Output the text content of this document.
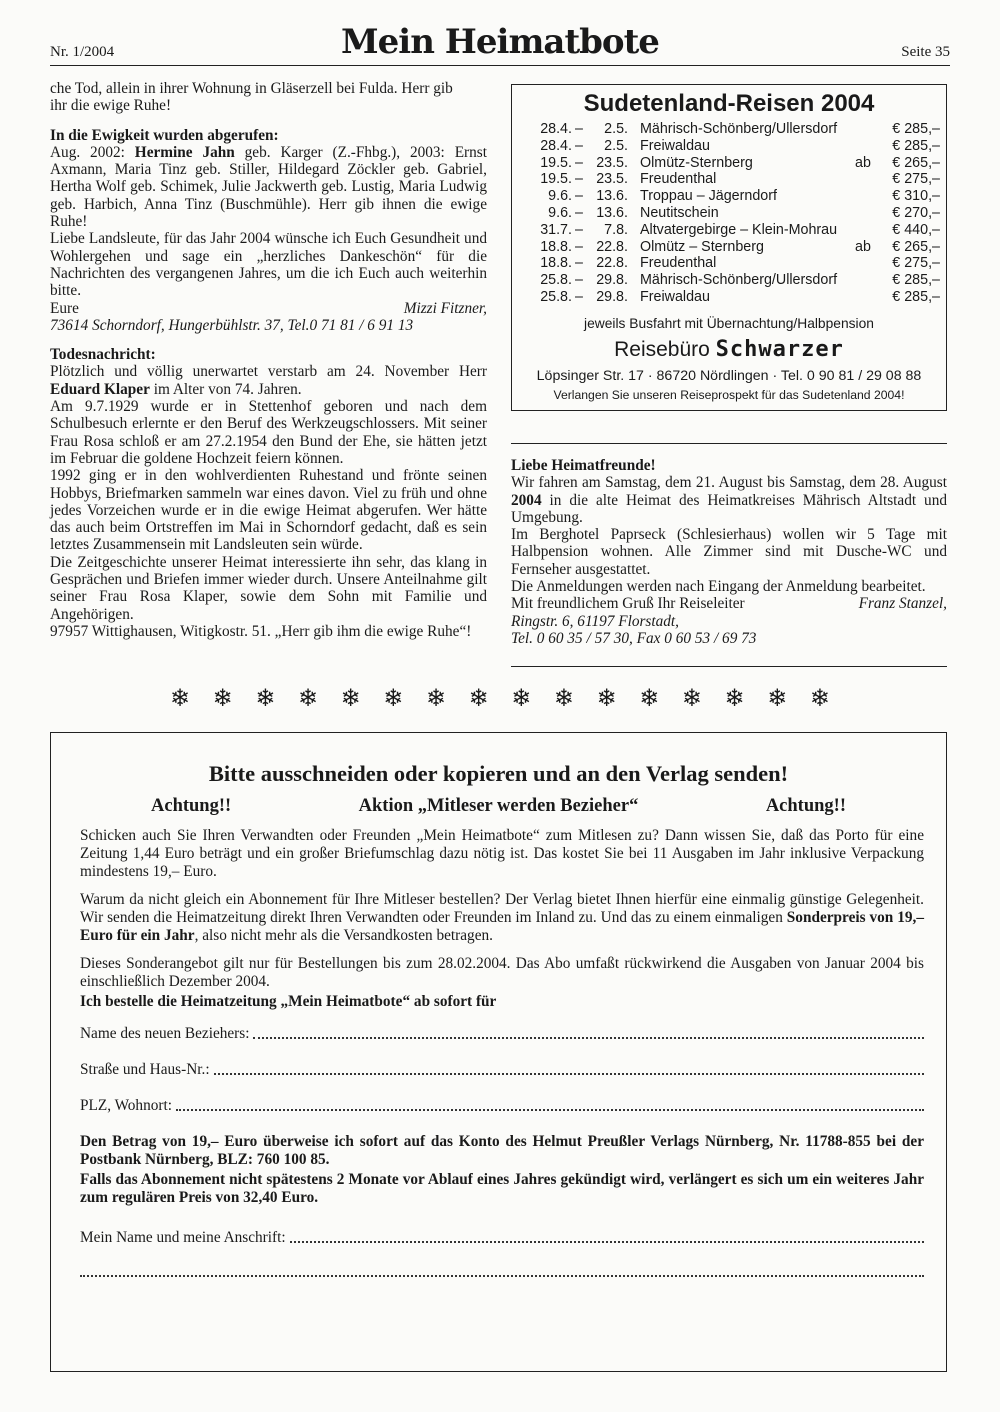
Nr. 1/2004	Mein Heimatbote	Seite 35

che Tod, allein in ihrer Wohnung in Gläserzell bei Fulda. Herr gib

ihr die ewige Ruhe!

In die Ewigkeit wurden abgerufen:

Aug. 2002: Hermine Jahn geb. Karger (Z.-Fhbg.), 2003: Ernst Axmann, Maria Tinz geb. Stiller, Hildegard Zöckler geb. Gabriel, Hertha Wolf geb. Schimek, Julie Jackwerth geb. Lustig, Maria Ludwig geb. Harbich, Anna Tinz (Buschmühle). Herr gib ihnen die ewige Ruhe!

Liebe Landsleute, für das Jahr 2004 wünsche ich Euch Gesundheit und Wohlergehen und sage ein „herzliches Dankeschön“ für die Nachrichten des vergangenen Jahres, um die ich Euch auch weiterhin bitte.

Eure	Mizzi Fitzner,

73614 Schorndorf, Hungerbühlstr. 37, Tel.0 71 81 / 6 91 13

Todesnachricht:

Plötzlich und völlig unerwartet verstarb am 24. November Herr Eduard Klaper im Alter von 74. Jahren.

Am 9.7.1929 wurde er in Stettenhof geboren und nach dem Schulbesuch erlernte er den Beruf des Werkzeugschlossers. Mit seiner Frau Rosa schloß er am 27.2.1954 den Bund der Ehe, sie hätten jetzt im Februar die goldene Hochzeit feiern können.

1992 ging er in den wohlverdienten Ruhestand und frönte seinen Hobbys, Briefmarken sammeln war eines davon. Viel zu früh und ohne jedes Vorzeichen wurde er in die ewige Heimat abgerufen. Wer hätte das auch beim Ortstreffen im Mai in Schorndorf gedacht, daß es sein letztes Zusammensein mit Landsleuten sein würde.

Die Zeitgeschichte unserer Heimat interessierte ihn sehr, das klang in Gesprächen und Briefen immer wieder durch. Unsere Anteilnahme gilt seiner Frau Rosa Klaper, sowie dem Sohn mit Familie und Angehörigen.

97957 Wittighausen, Witigkostr. 51. „Herr gib ihm die ewige Ruhe“!

Sudetenland-Reisen 2004
28.4.	–	2.5.	Mährisch-Schönberg/Ullersdorf		€ 285,–
28.4.	–	2.5.	Freiwaldau		€ 285,–
19.5.	–	23.5.	Olmütz-Sternberg	ab	€ 265,–
19.5.	–	23.5.	Freudenthal		€ 275,–
9.6.	–	13.6.	Troppau – Jägerndorf		€ 310,–
9.6.	–	13.6.	Neutitschein		€ 270,–
31.7.	–	7.8.	Altvatergebirge – Klein-Mohrau		€ 440,–
18.8.	–	22.8.	Olmütz – Sternberg	ab	€ 265,–
18.8.	–	22.8.	Freudenthal		€ 275,–
25.8.	–	29.8.	Mährisch-Schönberg/Ullersdorf		€ 285,–
25.8.	–	29.8.	Freiwaldau		€ 285,–
jeweils Busfahrt mit Übernachtung/Halbpension
Reisebüro Schwarzer
Löpsinger Str. 17 · 86720 Nördlingen · Tel. 0 90 81 / 29 08 88
Verlangen Sie unseren Reiseprospekt für das Sudetenland 2004!
Liebe Heimatfreunde!

Wir fahren am Samstag, dem 21. August bis Samstag, dem 28. August 2004 in die alte Heimat des Heimatkreises Mährisch Altstadt und Umgebung.

Im Berghotel Paprseck (Schlesierhaus) wollen wir 5 Tage mit Halbpension wohnen. Alle Zimmer sind mit Dusche-WC und Fernseher ausgestattet.

Die Anmeldungen werden nach Eingang der Anmeldung bearbeitet.

Mit freundlichem Gruß Ihr Reiseleiter	Franz Stanzel,

Ringstr. 6, 61197 Florstadt,

Tel. 0 60 35 / 57 30, Fax 0 60 53 / 69 73

❄ ❄ ❄ ❄ ❄ ❄ ❄ ❄ ❄ ❄ ❄ ❄ ❄ ❄ ❄ ❄
Bitte ausschneiden oder kopieren und an den Verlag senden!
Achtung!!	Aktion „Mitleser werden Bezieher“	Achtung!!

Schicken auch Sie Ihren Verwandten oder Freunden „Mein Heimatbote“ zum Mitlesen zu? Dann wissen Sie, daß das Porto für eine Zeitung 1,44 Euro beträgt und ein großer Briefumschlag dazu nötig ist. Das kostet Sie bei 11 Ausgaben im Jahr inklusive Verpackung mindestens 19,– Euro.

Warum da nicht gleich ein Abonnement für Ihre Mitleser bestellen? Der Verlag bietet Ihnen hierfür eine einmalig günstige Gelegenheit. Wir senden die Heimatzeitung direkt Ihren Verwandten oder Freunden im Inland zu. Und das zu einem einmaligen Sonderpreis von 19,– Euro für ein Jahr, also nicht mehr als die Versandkosten betragen.

Dieses Sonderangebot gilt nur für Bestellungen bis zum 28.02.2004. Das Abo umfaßt rückwirkend die Ausgaben von Januar 2004 bis einschließlich Dezember 2004.

Ich bestelle die Heimatzeitung „Mein Heimatbote“ ab sofort für

Name des neuen Beziehers:
Straße und Haus-Nr.:
PLZ, Wohnort:

Den Betrag von 19,– Euro überweise ich sofort auf das Konto des Helmut Preußler Verlags Nürnberg, Nr. 11788-855 bei der Postbank Nürnberg, BLZ: 760 100 85.

Falls das Abonnement nicht spätestens 2 Monate vor Ablauf eines Jahres gekündigt wird, verlängert es sich um ein weiteres Jahr zum regulären Preis von 32,40 Euro.

Mein Name und meine Anschrift:
